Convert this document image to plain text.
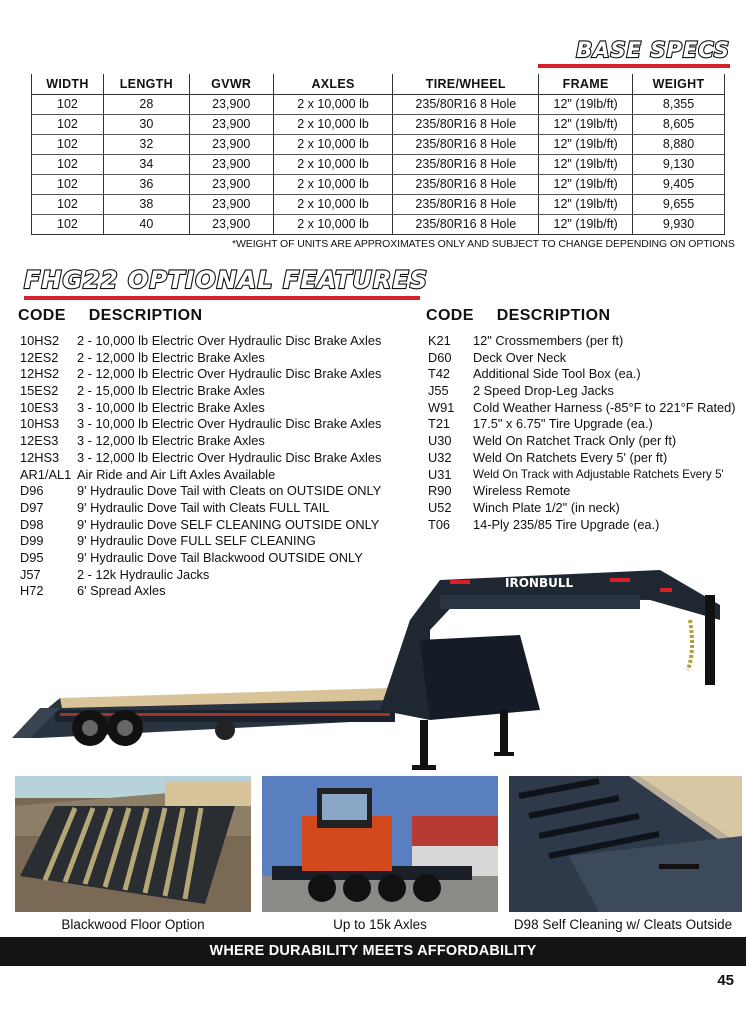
BASE SPECS
WIDTH	LENGTH	GVWR	AXLES	TIRE/WHEEL	FRAME	WEIGHT
102	28	23,900	2 x 10,000 lb	235/80R16 8 Hole	12" (19lb/ft)	8,355
102	30	23,900	2 x 10,000 lb	235/80R16 8 Hole	12" (19lb/ft)	8,605
102	32	23,900	2 x 10,000 lb	235/80R16 8 Hole	12" (19lb/ft)	8,880
102	34	23,900	2 x 10,000 lb	235/80R16 8 Hole	12" (19lb/ft)	9,130
102	36	23,900	2 x 10,000 lb	235/80R16 8 Hole	12" (19lb/ft)	9,405
102	38	23,900	2 x 10,000 lb	235/80R16 8 Hole	12" (19lb/ft)	9,655
102	40	23,900	2 x 10,000 lb	235/80R16 8 Hole	12" (19lb/ft)	9,930
*WEIGHT OF UNITS ARE APPROXIMATES ONLY AND SUBJECT TO CHANGE DEPENDING ON OPTIONS
FHG22 OPTIONAL FEATURES
CODE DESCRIPTION	CODE DESCRIPTION
10HS2	2 - 10,000 lb Electric Over Hydraulic Disc Brake Axles
12ES2	2 - 12,000 lb Electric Brake Axles
12HS2	2 - 12,000 lb Electric Over Hydraulic Disc Brake Axles
15ES2	2 - 15,000 lb Electric Brake Axles
10ES3	3 - 10,000 lb Electric Brake Axles
10HS3	3 - 10,000 lb Electric Over Hydraulic Disc Brake Axles
12ES3	3 - 12,000 lb Electric Brake Axles
12HS3	3 - 12,000 lb Electric Over Hydraulic Disc Brake Axles
AR1/AL1 Air Ride and Air Lift Axles Available
D96	9' Hydraulic Dove Tail with Cleats on OUTSIDE ONLY
D97	9' Hydraulic Dove Tail with Cleats FULL TAIL
D98	9' Hydraulic Dove SELF CLEANING OUTSIDE ONLY
D99	9' Hydraulic Dove FULL SELF CLEANING
D95	9' Hydraulic Dove Tail Blackwood OUTSIDE ONLY
J57	2 - 12k Hydraulic Jacks
H72	6' Spread Axles
K21	12" Crossmembers (per ft)
D60	Deck Over Neck
T42	Additional Side Tool Box (ea.)
J55	2 Speed Drop-Leg Jacks
W91	Cold Weather Harness (-85°F to 221°F Rated)
T21	17.5" x 6.75" Tire Upgrade (ea.)
U30	Weld On Ratchet Track Only (per ft)
U32	Weld On Ratchets Every 5' (per ft)
U31	Weld On Track with Adjustable Ratchets Every 5'
R90	Wireless Remote
U52	Winch Plate 1/2" (in neck)
T06	14-Ply 235/85 Tire Upgrade (ea.)
IRONBULL
Blackwood Floor Option	Up to 15k Axles	D98 Self Cleaning w/ Cleats Outside
WHERE DURABILITY MEETS AFFORDABILITY
45
